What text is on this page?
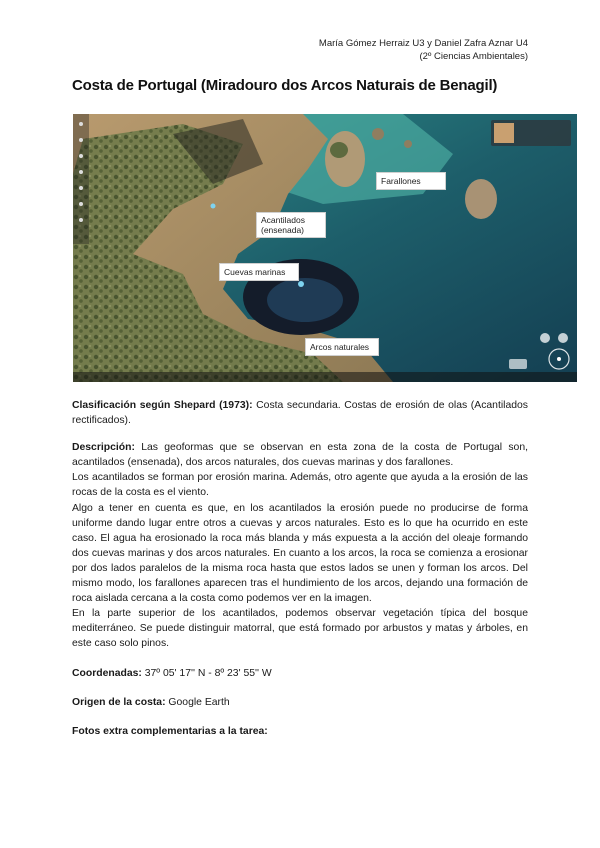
María Gómez Herraiz U3 y Daniel Zafra Aznar U4
(2º Ciencias Ambientales)
Costa de Portugal (Miradouro dos Arcos Naturais de Benagil)
Farallones
Acantilados
(ensenada)
Cuevas marinas
Arcos naturales

Clasificación según Shepard (1973): Costa secundaria. Costas de erosión de olas (Acantilados rectificados).

Descripción: Las geoformas que se observan en esta zona de la costa de Portugal son, acantilados (ensenada), dos arcos naturales, dos cuevas marinas y dos farallones.

Los acantilados se forman por erosión marina. Además, otro agente que ayuda a la erosión de las rocas de la costa es el viento.

Algo a tener en cuenta es que, en los acantilados la erosión puede no producirse de forma uniforme dando lugar entre otros a cuevas y arcos naturales. Esto es lo que ha ocurrido en este caso. El agua ha erosionado la roca más blanda y más expuesta a la acción del oleaje formando dos cuevas marinas y dos arcos naturales. En cuanto a los arcos, la roca se comienza a erosionar por dos lados paralelos de la misma roca hasta que estos lados se unen y forman los arcos. Del mismo modo, los farallones aparecen tras el hundimiento de los arcos, dejando una formación de roca aislada cercana a la costa como podemos ver en la imagen.

En la parte superior de los acantilados, podemos observar vegetación típica del bosque mediterráneo. Se puede distinguir matorral, que está formado por arbustos y matas y árboles, en este caso solo pinos.

Coordenadas: 37º 05' 17'' N - 8º 23' 55'' W

Origen de la costa: Google Earth

Fotos extra complementarias a la tarea:
